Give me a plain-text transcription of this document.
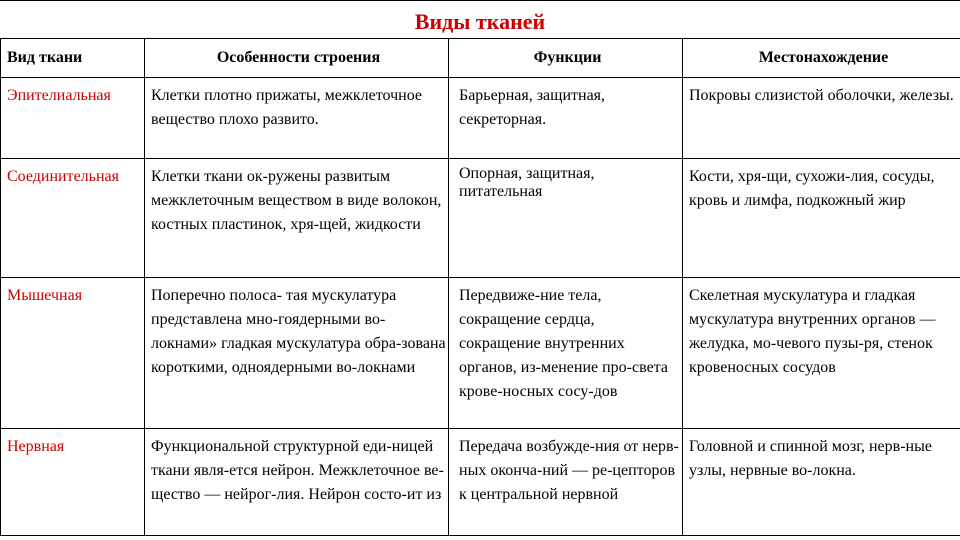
Виды тканей
Вид ткани	Особенности строения	Функции	Местонахождение
Эпителиальная	Клетки плотно прижаты, межклеточное вещество плохо развито.	Барьерная, защитная, секреторная.	Покровы слизистой оболочки, железы.
Соединительная	Клетки ткани ок-ружены развитым межклеточным веществом в виде волокон, костных пластинок, хря-щей, жидкости	Опорная, защитная, питательная	Кости, хря-щи, сухожи-лия, сосуды, кровь и лимфа, подкожный жир
Мышечная	Поперечно полоса- тая мускулатура представлена мно-гоядерными во-локнами» гладкая мускулатура обра-зована короткими, одноядерными во-локнами	Передвиже-ние тела, сокращение сердца, сокращение внутренних органов, из-менение про-света крове-носных сосу-дов	Скелетная мускулатура и гладкая мускулатура внутренних органов — желудка, мо-чевого пузы-ря, стенок кровеносных сосудов
Нервная	Функциональной структурной еди-ницей ткани явля-ется нейрон. Межклеточное ве-щество — нейрог-лия. Нейрон состо-ит из	Передача возбужде-ния от нерв-ных оконча-ний — ре-цепторов к центральной нервной	Головной и спинной мозг, нерв-ные узлы, нервные во-локна.
